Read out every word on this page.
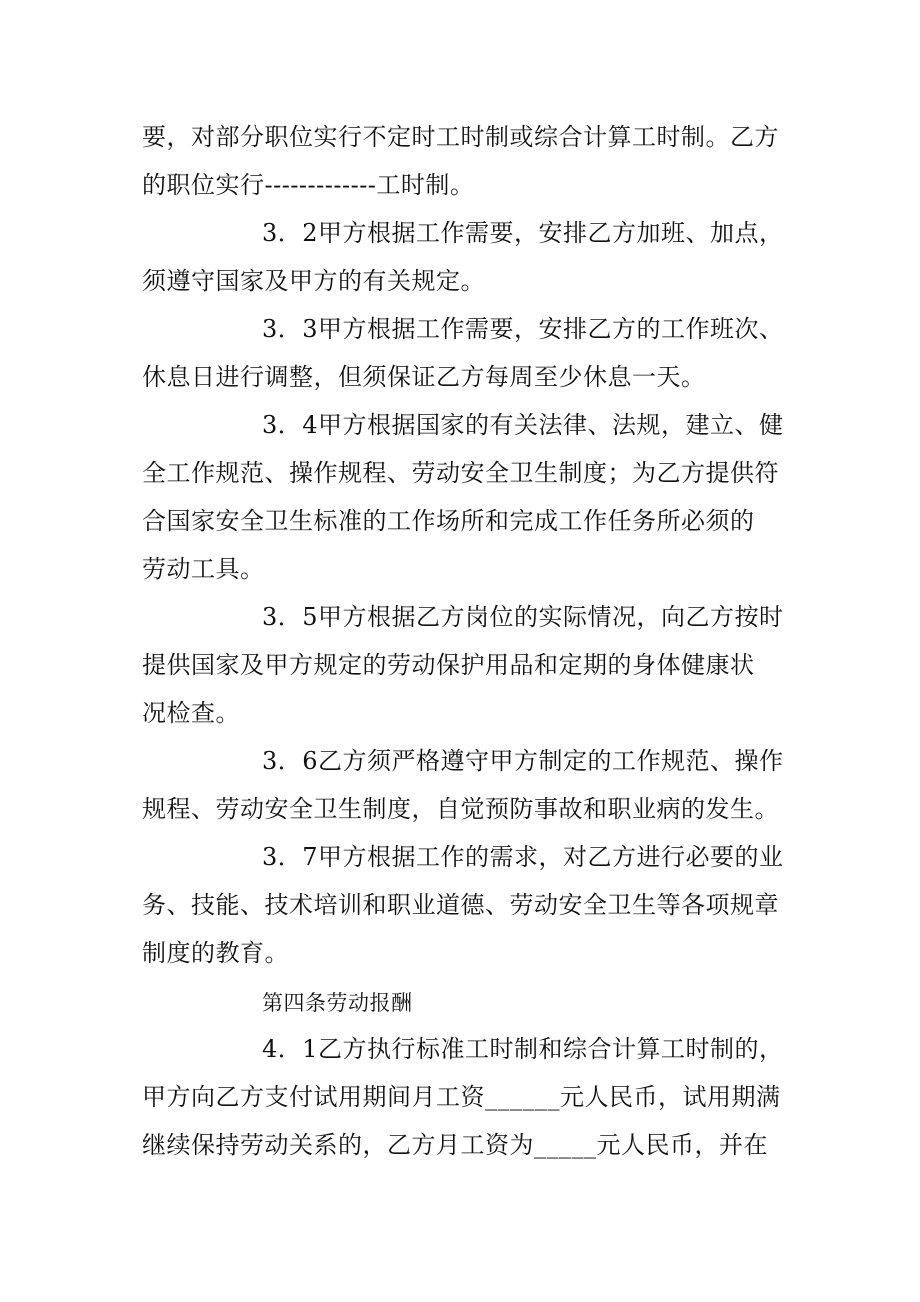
要，对部分职位实行不定时工时制或综合计算工时制。乙方
的职位实行-------------工时制。
3．2甲方根据工作需要，安排乙方加班、加点，
须遵守国家及甲方的有关规定。
3．3甲方根据工作需要，安排乙方的工作班次、
休息日进行调整，但须保证乙方每周至少休息一天。
3．4甲方根据国家的有关法律、法规，建立、健
全工作规范、操作规程、劳动安全卫生制度；为乙方提供符
合国家安全卫生标准的工作场所和完成工作任务所必须的
劳动工具。
3．5甲方根据乙方岗位的实际情况，向乙方按时
提供国家及甲方规定的劳动保护用品和定期的身体健康状
况检查。
3．6乙方须严格遵守甲方制定的工作规范、操作
规程、劳动安全卫生制度，自觉预防事故和职业病的发生。
3．7甲方根据工作的需求，对乙方进行必要的业
务、技能、技术培训和职业道德、劳动安全卫生等各项规章
制度的教育。
第四条劳动报酬
4．1乙方执行标准工时制和综合计算工时制的，
甲方向乙方支付试用期间月工资______元人民币，试用期满
继续保持劳动关系的，乙方月工资为_____元人民币，并在
